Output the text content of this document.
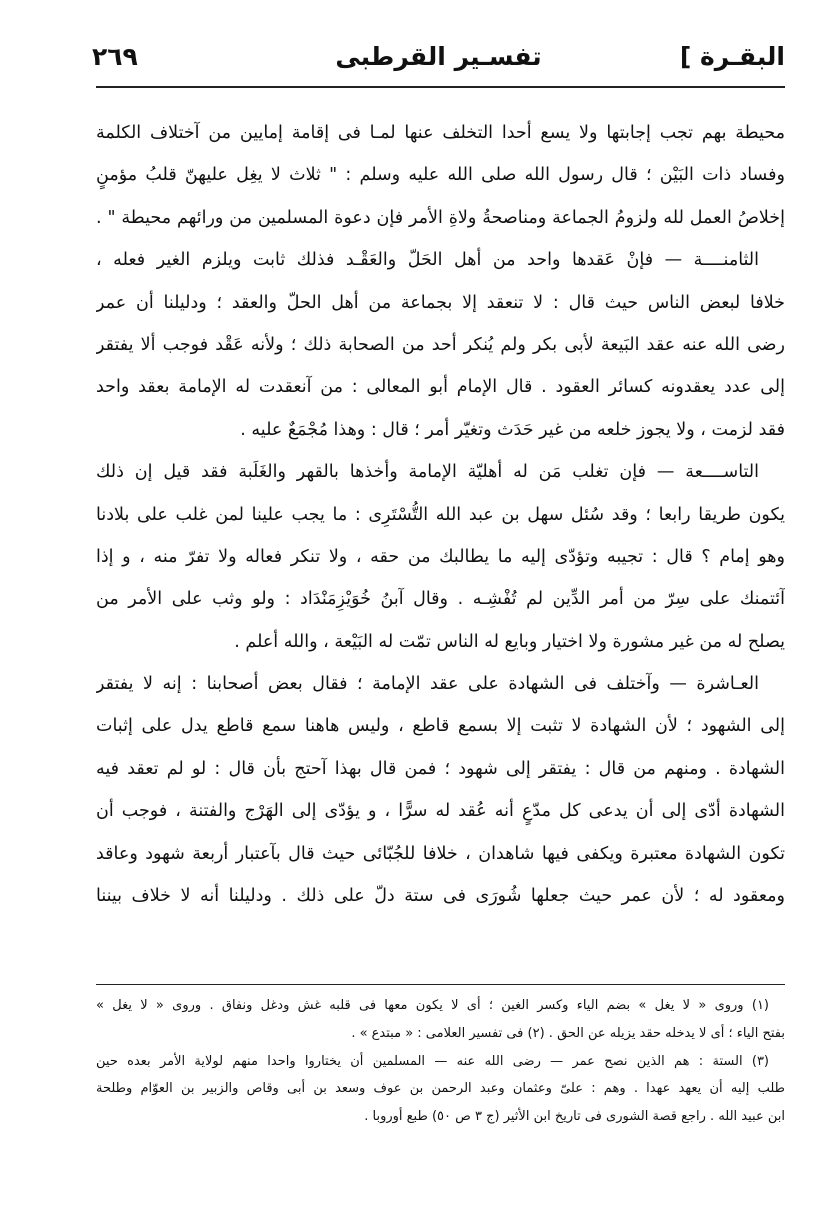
البقـرة ]
تفسـير القرطبى
٢٦٩
محيطة بهم تجب إجابتها ولا يسع أحدا التخلف عنها لمـا فى إقامة إمايين من آختلاف الكلمة
وفساد ذات البَيْن ؛ قال رسول الله صلى الله عليه وسلم : " ثلاث لا يغِل عليهنّ قلبُ مؤمنٍ
إخلاصُ العمل لله ولزومُ الجماعة ومناصحةُ ولاةِ الأمر فإن دعوة المسلمين من ورائهم محيطة " .
الثامنــــة — فإنْ عَقدها واحد من أهل الحَلّ والعَقْـد فذلك ثابت ويلزم الغير فعله ،
خلافا لبعض الناس حيث قال : لا تنعقد إلا بجماعة من أهل الحلّ والعقد ؛ ودليلنا أن عمر
رضى الله عنه عقد البَيعة لأبى بكر ولم يُنكر أحد من الصحابة ذلك ؛ ولأنه عَقْد فوجب ألا يفتقر
إلى عدد يعقدونه كسائر العقود . قال الإمام أبو المعالى : من آنعقدت له الإمامة بعقد واحد
فقد لزمت ، ولا يجوز خلعه من غير حَدَث وتغيّر أمر ؛ قال : وهذا مُجْمَعٌ عليه .
التاســــعة — فإن تغلب مَن له أهليّة الإمامة وأخذها بالقهر والغَلَبة فقد قيل إن ذلك
يكون طريقا رابعا ؛ وقد سُئل سهل بن عبد الله التُّسْتَرِى : ما يجب علينا لمن غلب على بلادنا
وهو إمام ؟ قال : تجيبه وتؤدّى إليه ما يطالبك من حقه ، ولا تنكر فعاله ولا تفرّ منه ، و إذا
آئتمنك على سِرّ من أمر الدِّين لم تُفْشِـه . وقال آبنُ خُوَيْزِمَنْدَاد : ولو وثب على الأمر من
يصلح له من غير مشورة ولا اختيار وبايع له الناس تمّت له البَيْعة ، والله أعلم .
العـاشرة — وآختلف فى الشهادة على عقد الإمامة ؛ فقال بعض أصحابنا : إنه لا يفتقر
إلى الشهود ؛ لأن الشهادة لا تثبت إلا بسمع قاطع ، وليس هاهنا سمع قاطع يدل على إثبات
الشهادة . ومنهم من قال : يفتقر إلى شهود ؛ فمن قال بهذا آحتج بأن قال : لو لم تعقد فيه
الشهادة أدّى إلى أن يدعى كل مدّعٍ أنه عُقد له سرًّا ، و يؤدّى إلى الهَرْج والفتنة ، فوجب أن
تكون الشهادة معتبرة ويكفى فيها شاهدان ، خلافا للجُبّائى حيث قال بآعتبار أربعة شهود وعاقد
ومعقود له ؛ لأن عمر حيث جعلها شُورَى فى ستة دلّ على ذلك . ودليلنا أنه لا خلاف بيننا
(١) وروى « لا يغل » بضم الياء وكسر الغين ؛ أى لا يكون معها فى قلبه غش ودغل ونفاق . وروى « لا يغل »
بفتح الياء ؛ أى لا يدخله حقد يزيله عن الحق . (٢) فى تفسير العلامى : « مبتدع » .
(٣) الستة : هم الذين نصح عمر — رضى الله عنه — المسلمين أن يختاروا واحدا منهم لولاية الأمر بعده حين
طلب إليه أن يعهد عهدا . وهم : علىّ وعثمان وعبد الرحمن بن عوف وسعد بن أبى وقاص والزبير بن العوّام وطلحة
ابن عبيد الله . راجع قصة الشورى فى تاريخ ابن الأثير (ج ٣ ص ٥٠) طبع أوروبا .
